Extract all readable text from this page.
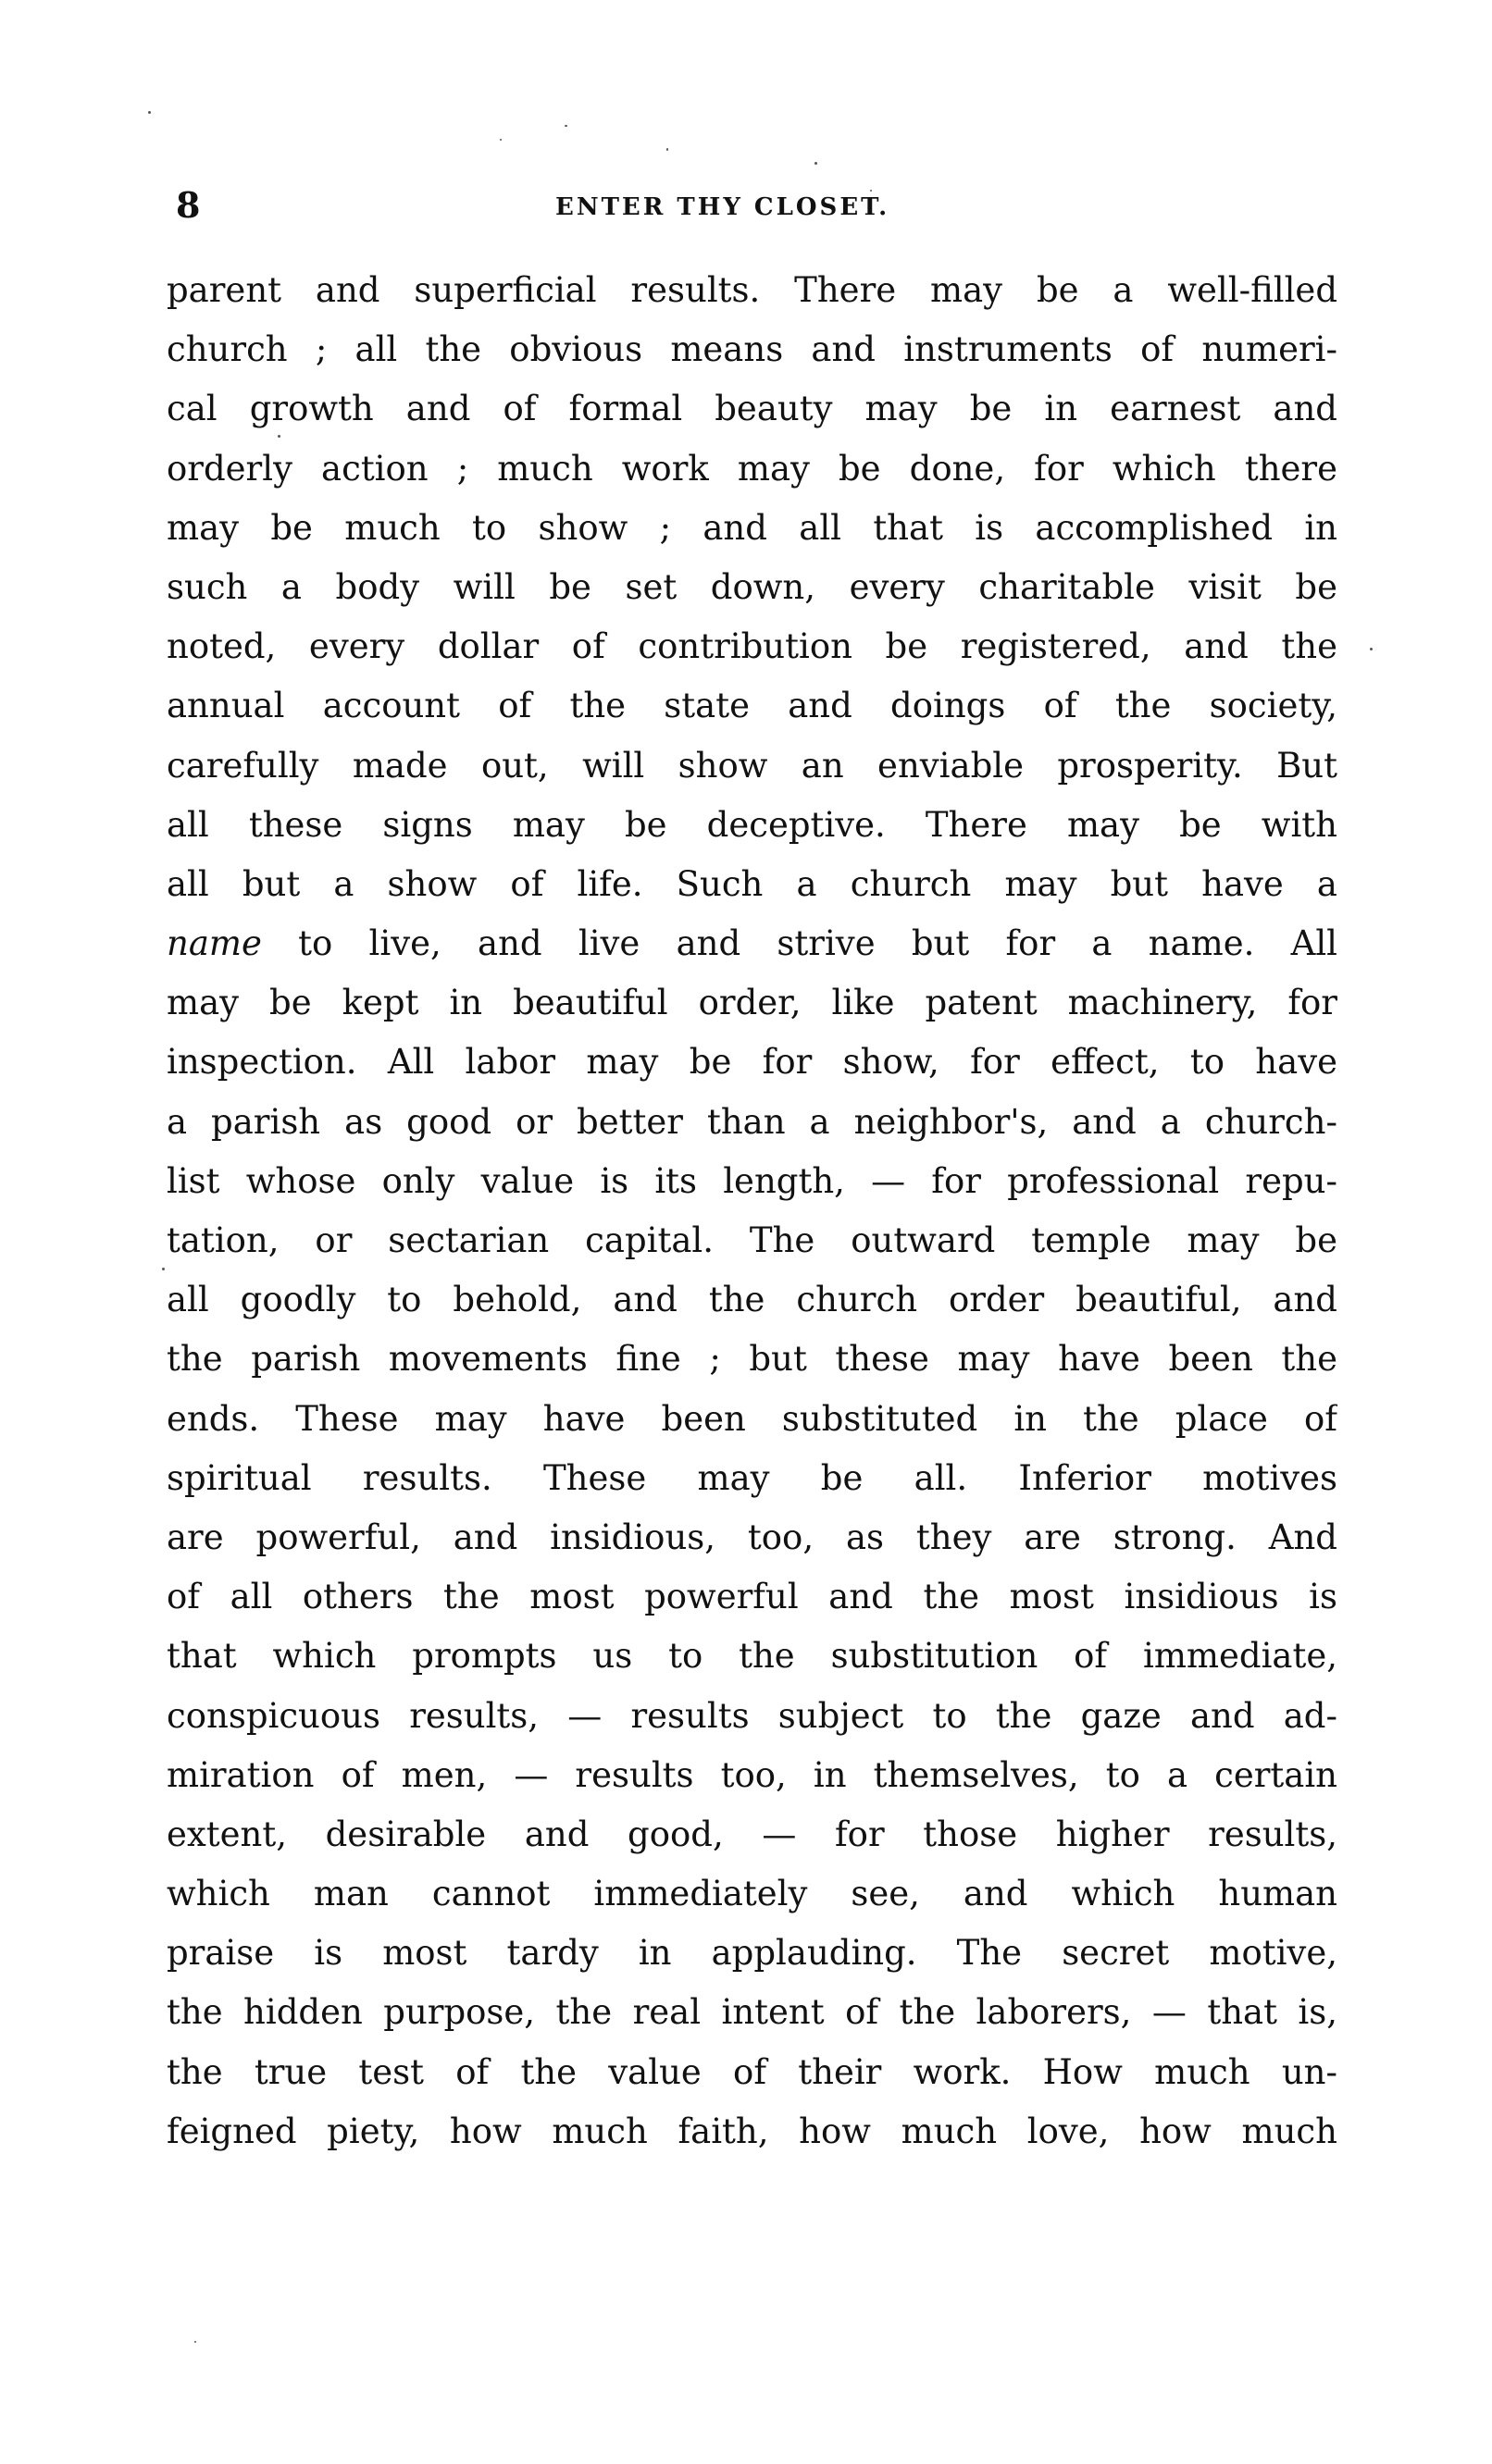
8	ENTER THY CLOSET.
parent and superficial results. There may be a well-filled
church ; all the obvious means and instruments of numeri-
cal growth and of formal beauty may be in earnest and
orderly action ; much work may be done, for which there
may be much to show ; and all that is accomplished in
such a body will be set down, every charitable visit be
noted, every dollar of contribution be registered, and the
annual account of the state and doings of the society,
carefully made out, will show an enviable prosperity. But
all these signs may be deceptive. There may be with
all but a show of life. Such a church may but have a
name to live, and live and strive but for a name. All
may be kept in beautiful order, like patent machinery, for
inspection. All labor may be for show, for effect, to have
a parish as good or better than a neighbor's, and a church-
list whose only value is its length, — for professional repu-
tation, or sectarian capital. The outward temple may be
all goodly to behold, and the church order beautiful, and
the parish movements fine ; but these may have been the
ends. These may have been substituted in the place of
spiritual results. These may be all. Inferior motives
are powerful, and insidious, too, as they are strong. And
of all others the most powerful and the most insidious is
that which prompts us to the substitution of immediate,
conspicuous results, — results subject to the gaze and ad-
miration of men, — results too, in themselves, to a certain
extent, desirable and good, — for those higher results,
which man cannot immediately see, and which human
praise is most tardy in applauding. The secret motive,
the hidden purpose, the real intent of the laborers, — that is,
the true test of the value of their work. How much un-
feigned piety, how much faith, how much love, how much
